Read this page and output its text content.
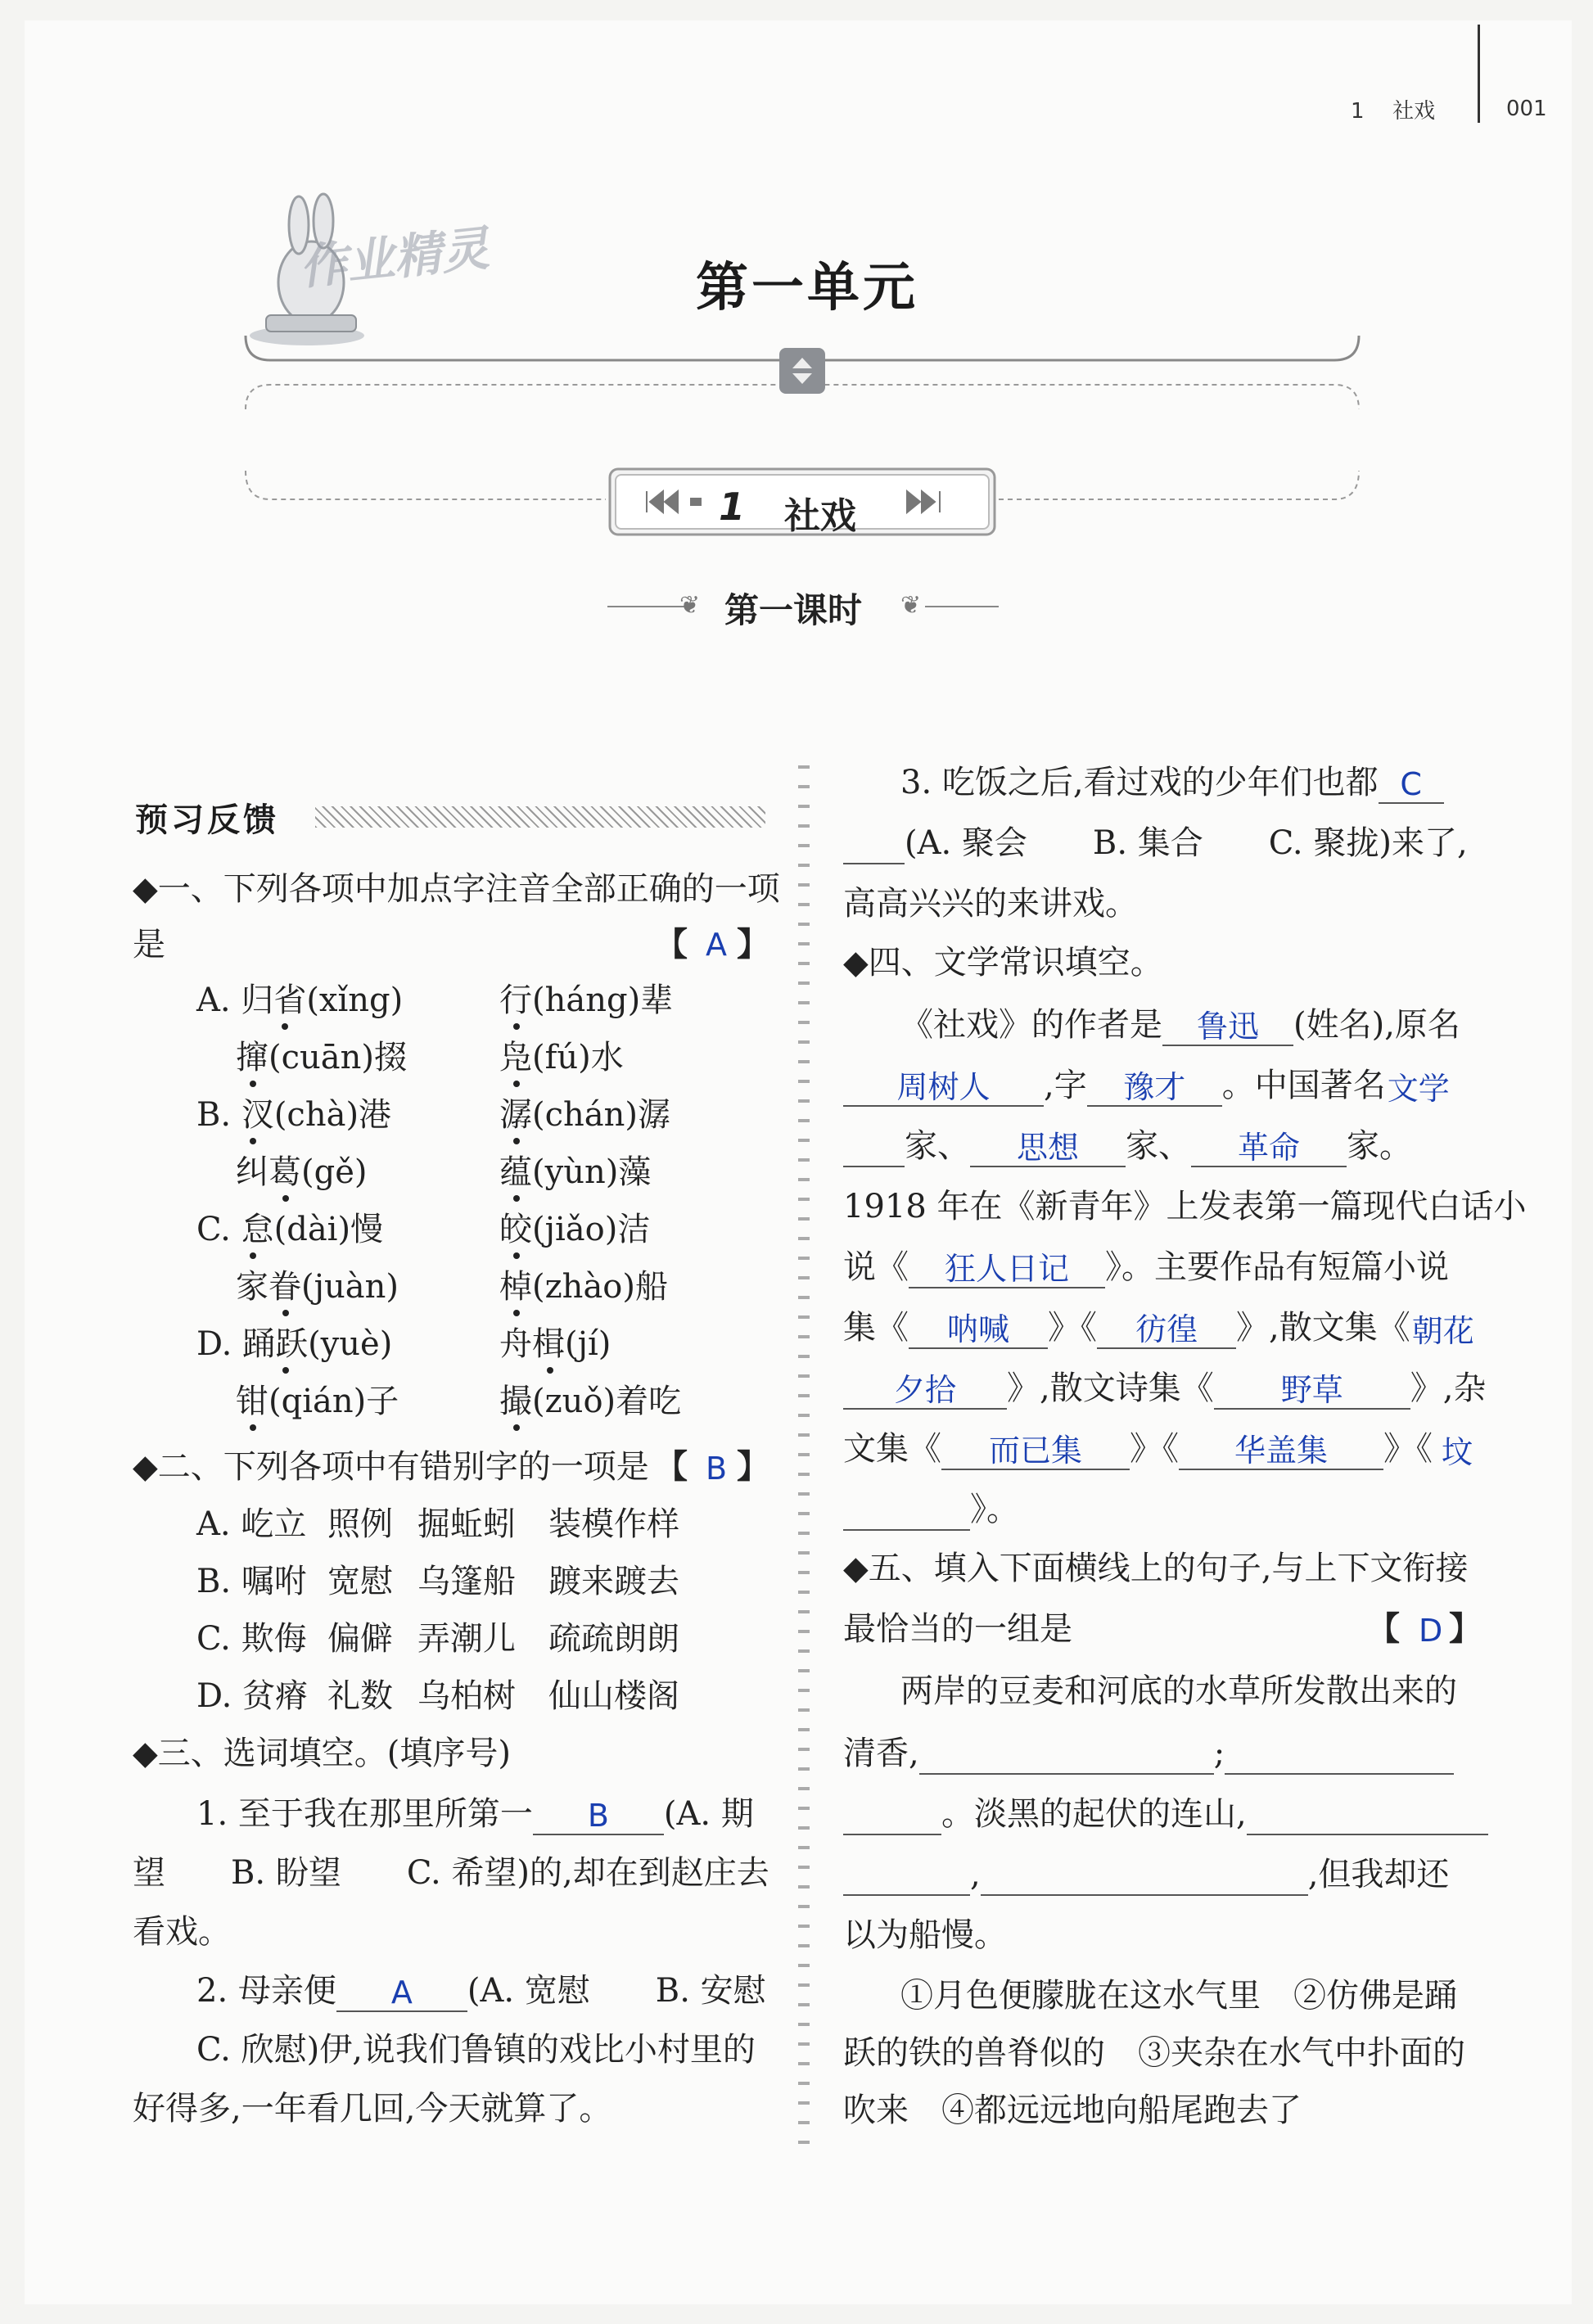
1 社戏	001
作业精灵	第一单元
1 社戏
❦ 第一课时 ❦
预习反馈
◆一、下列各项中加点字注音全部正确的一项
是	【 A 】
A. 归省(xǐng)	行(háng)辈
撺(cuān)掇	凫(fú)水
B. 汊(chà)港	潺(chán)潺
纠葛(gě)	蕴(yùn)藻
C. 怠(dài)慢	皎(jiǎo)洁
家眷(juàn)	棹(zhào)船
D. 踊跃(yuè)	舟楫(jí)
钳(qián)子	撮(zuǒ)着吃
◆二、下列各项中有错别字的一项是 【 B 】
A. 屹立 照例 掘蚯蚓 装模作样
B. 嘱咐 宽慰 乌篷船 踱来踱去
C. 欺侮 偏僻 弄潮儿 疏疏朗朗
D. 贫瘠 礼数 乌柏树 仙山楼阁
◆三、选词填空。(填序号)
1. 至于我在那里所第一 B (A. 期
望　　B. 盼望　　C. 希望)的,却在到赵庄去
看戏。
2. 母亲便 A (A. 宽慰　　B. 安慰
C. 欣慰)伊,说我们鲁镇的戏比小村里的
好得多,一年看几回,今天就算了。
3. 吃饭之后,看过戏的少年们也都 C
(A. 聚会　　B. 集合　　C. 聚拢)来了,
高高兴兴的来讲戏。
◆四、文学常识填空。
《社戏》的作者是 鲁迅 (姓名),原名
周树人 ,字 豫才 。中国著名文学
家、 思想 家、 革命 家。
1918 年在《新青年》上发表第一篇现代白话小
说《 狂人日记 》。主要作品有短篇小说
集《 呐喊 》《 彷徨 》,散文集《朝花
夕拾 》,散文诗集《 野草 》,杂
文集《 而已集 》《 华盖集 》《 坟
》。
◆五、填入下面横线上的句子,与上下文衔接
最恰当的一组是	【 D 】
两岸的豆麦和河底的水草所发散出来的
清香,	;
。淡黑的起伏的连山,
,	,但我却还
以为船慢。
①月色便朦胧在这水气里　②仿佛是踊
跃的铁的兽脊似的　③夹杂在水气中扑面的
吹来　④都远远地向船尾跑去了
